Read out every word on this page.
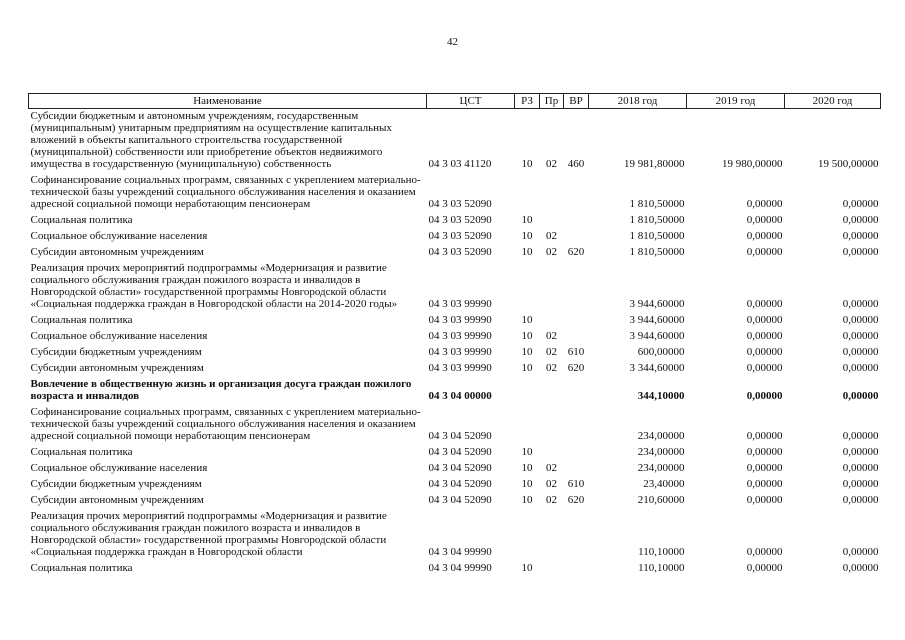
42
Наименование	ЦСТ	РЗ	Пр	ВР	2018 год	2019 год	2020 год
Субсидии бюджетным и автономным учреждениям, государственным (муниципальным) унитарным предприятиям на осуществление капитальных вложений в объекты капитального строительства государственной (муниципальной) собственности или приобретение объектов недвижимого имущества в государственную (муниципальную) собственность	04 3 03 41120	10	02	460	19 981,80000	19 980,00000	19 500,00000
Софинансирование социальных программ, связанных с укреплением материально-технической базы учреждений социального обслуживания населения и оказанием адресной социальной помощи неработающим пенсионерам	04 3 03 52090				1 810,50000	0,00000	0,00000
Социальная политика	04 3 03 52090	10			1 810,50000	0,00000	0,00000
Социальное обслуживание населения	04 3 03 52090	10	02		1 810,50000	0,00000	0,00000
Субсидии автономным учреждениям	04 3 03 52090	10	02	620	1 810,50000	0,00000	0,00000
Реализация прочих мероприятий подпрограммы «Модернизация и развитие социального обслуживания граждан пожилого возраста и инвалидов в Новгородской области» государственной программы Новгородской области «Социальная поддержка граждан в Новгородской области на 2014-2020 годы»	04 3 03 99990				3 944,60000	0,00000	0,00000
Социальная политика	04 3 03 99990	10			3 944,60000	0,00000	0,00000
Социальное обслуживание населения	04 3 03 99990	10	02		3 944,60000	0,00000	0,00000
Субсидии бюджетным учреждениям	04 3 03 99990	10	02	610	600,00000	0,00000	0,00000
Субсидии автономным учреждениям	04 3 03 99990	10	02	620	3 344,60000	0,00000	0,00000
Вовлечение в общественную жизнь и организация досуга граждан пожилого возраста и инвалидов	04 3 04 00000				344,10000	0,00000	0,00000
Софинансирование социальных программ, связанных с укреплением материально-технической базы учреждений социального обслуживания населения и оказанием адресной социальной помощи неработающим пенсионерам	04 3 04 52090				234,00000	0,00000	0,00000
Социальная политика	04 3 04 52090	10			234,00000	0,00000	0,00000
Социальное обслуживание населения	04 3 04 52090	10	02		234,00000	0,00000	0,00000
Субсидии бюджетным учреждениям	04 3 04 52090	10	02	610	23,40000	0,00000	0,00000
Субсидии автономным учреждениям	04 3 04 52090	10	02	620	210,60000	0,00000	0,00000
Реализация прочих мероприятий подпрограммы «Модернизация и развитие социального обслуживания граждан пожилого возраста и инвалидов в Новгородской области» государственной программы Новгородской области «Социальная поддержка граждан в Новгородской области	04 3 04 99990				110,10000	0,00000	0,00000
Социальная политика	04 3 04 99990	10			110,10000	0,00000	0,00000
